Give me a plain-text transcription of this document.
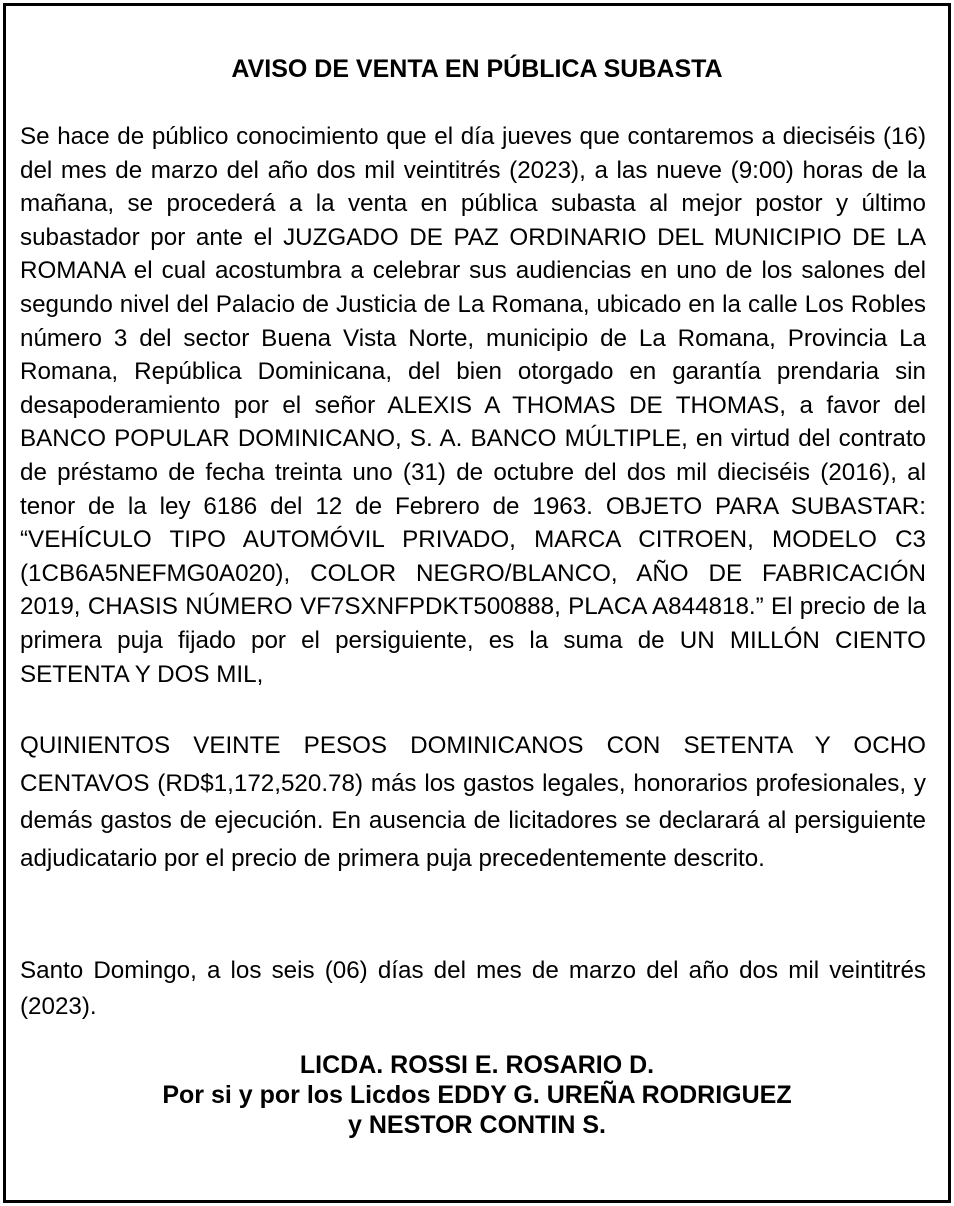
AVISO DE VENTA EN PÚBLICA SUBASTA

Se hace de público conocimiento que el día jueves que contaremos a dieciséis (16) del mes de marzo del año dos mil veintitrés (2023), a las nueve (9:00) horas de la mañana, se procederá a la venta en pública subasta al mejor postor y último subastador por ante el JUZGADO DE PAZ ORDINARIO DEL MUNICIPIO DE LA ROMANA el cual acostumbra a celebrar sus audiencias en uno de los salones del segundo nivel del Palacio de Justicia de La Romana, ubicado en la calle Los Robles número 3 del sector Buena Vista Norte, municipio de La Romana, Provincia La Romana, República Dominicana, del bien otorgado en garantía prendaria sin desapoderamiento por el señor ALEXIS A THOMAS DE THOMAS, a favor del BANCO POPULAR DOMINICANO, S. A. BANCO MÚLTIPLE, en virtud del contrato de préstamo de fecha treinta uno (31) de octubre del dos mil dieciséis (2016), al tenor de la ley 6186 del 12 de Febrero de 1963. OBJETO PARA SUBASTAR: “VEHÍCULO TIPO AUTOMÓVIL PRIVADO, MARCA CITROEN, MODELO C3 (1CB6A5NEFMG0A020), COLOR NEGRO/BLANCO, AÑO DE FABRICACIÓN 2019, CHASIS NÚMERO VF7SXNFPDKT500888, PLACA A844818.” El precio de la primera puja fijado por el persiguiente, es la suma de UN MILLÓN CIENTO SETENTA Y DOS MIL,

QUINIENTOS VEINTE PESOS DOMINICANOS CON SETENTA Y OCHO CENTAVOS (RD$1,172,520.78) más los gastos legales, honorarios profesionales, y demás gastos de ejecución. En ausencia de licitadores se declarará al persiguiente adjudicatario por el precio de primera puja precedentemente descrito.

Santo Domingo, a los seis (06) días del mes de marzo del año dos mil veintitrés (2023).

LICDA. ROSSI E. ROSARIO D.
Por si y por los Licdos EDDY G. UREÑA RODRIGUEZ
y NESTOR CONTIN S.
